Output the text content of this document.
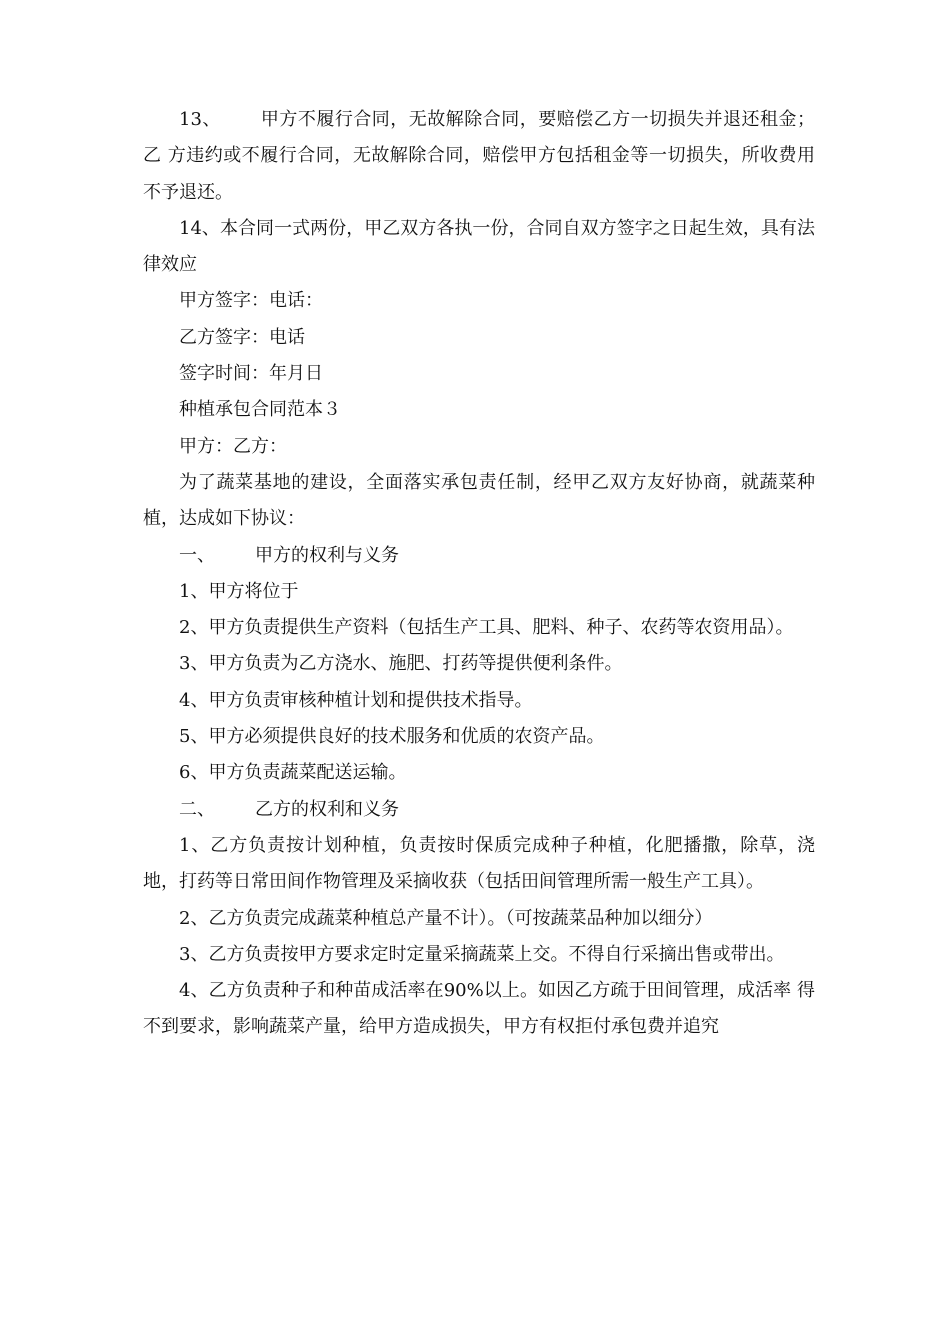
13、 甲方不履行合同，无故解除合同，要赔偿乙方一切损失并退还租金；乙 方违约或不履行合同，无故解除合同，赔偿甲方包括租金等一切损失，所收费用 不予退还。

14、本合同一式两份，甲乙双方各执一份，合同自双方签字之日起生效，具有法律效应

甲方签字：电话：

乙方签字：电话

签字时间：年月日

种植承包合同范本３

甲方：乙方：

为了蔬菜基地的建设，全面落实承包责任制，经甲乙双方友好协商，就蔬菜种植，达成如下协议：

一、 甲方的权利与义务

1、甲方将位于

2、甲方负责提供生产资料（包括生产工具、肥料、种子、农药等农资用品）。

3、甲方负责为乙方浇水、施肥、打药等提供便利条件。

4、甲方负责审核种植计划和提供技术指导。

5、甲方必须提供良好的技术服务和优质的农资产品。

6、甲方负责蔬菜配送运输。

二、 乙方的权利和义务

1、乙方负责按计划种植，负责按时保质完成种子种植，化肥播撒，除草，浇地，打药等日常田间作物管理及采摘收获（包括田间管理所需一般生产工具）。

2、乙方负责完成蔬菜种植总产量不计）。（可按蔬菜品种加以细分）

3、乙方负责按甲方要求定时定量采摘蔬菜上交。不得自行采摘出售或带出。

4、乙方负责种子和种苗成活率在90%以上。如因乙方疏于田间管理，成活率 得不到要求，影响蔬菜产量，给甲方造成损失，甲方有权拒付承包费并追究
